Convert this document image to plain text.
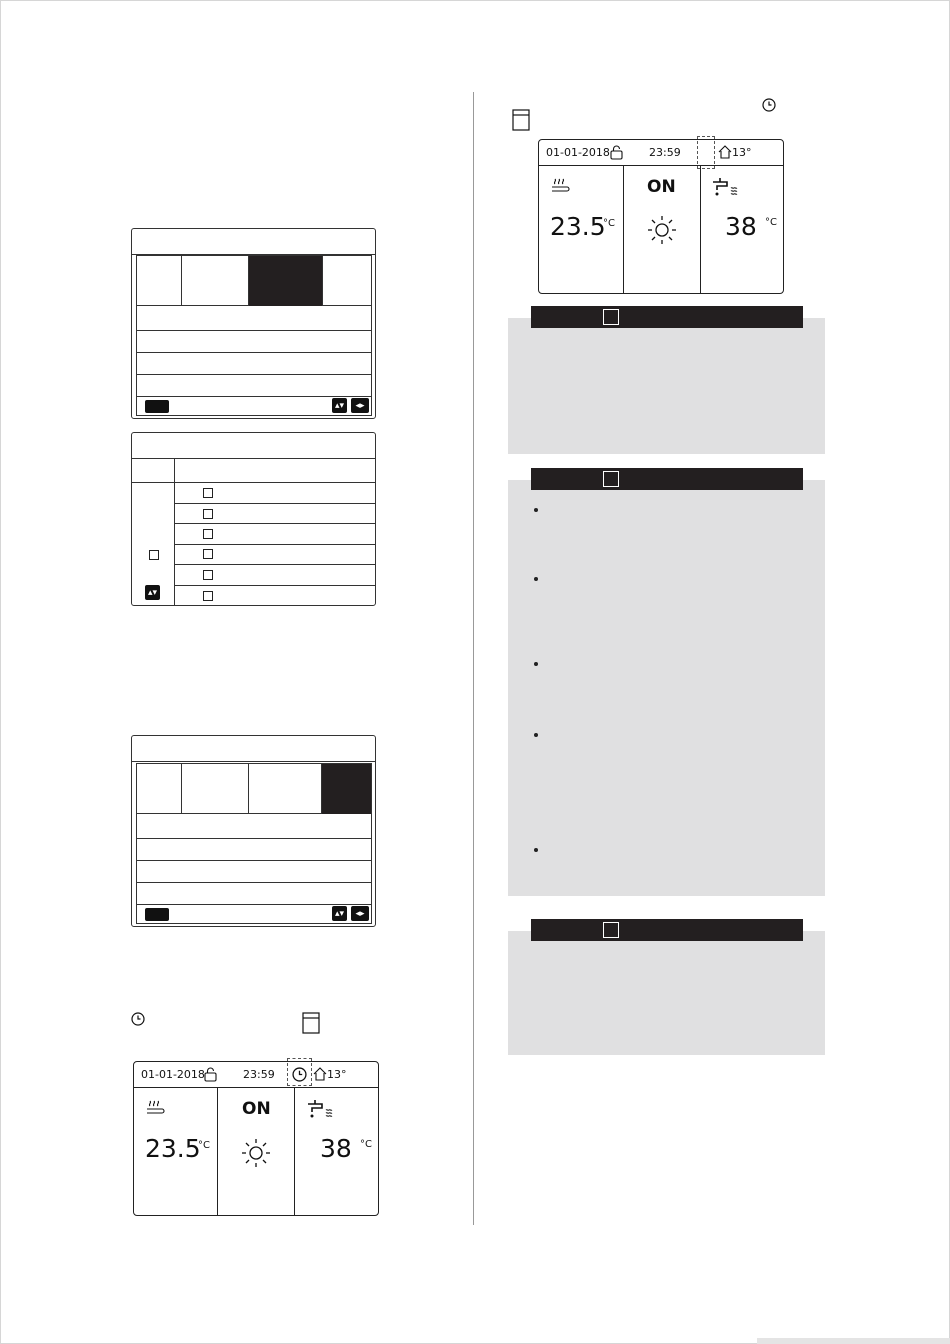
▴▾	◂▸
▴▾
▴▾	◂▸
01-01-2018	23:59	13°
23.5
°C
ON
38 °C
01-01-2018	23:59	13°
23.5
°C
ON
38 °C
